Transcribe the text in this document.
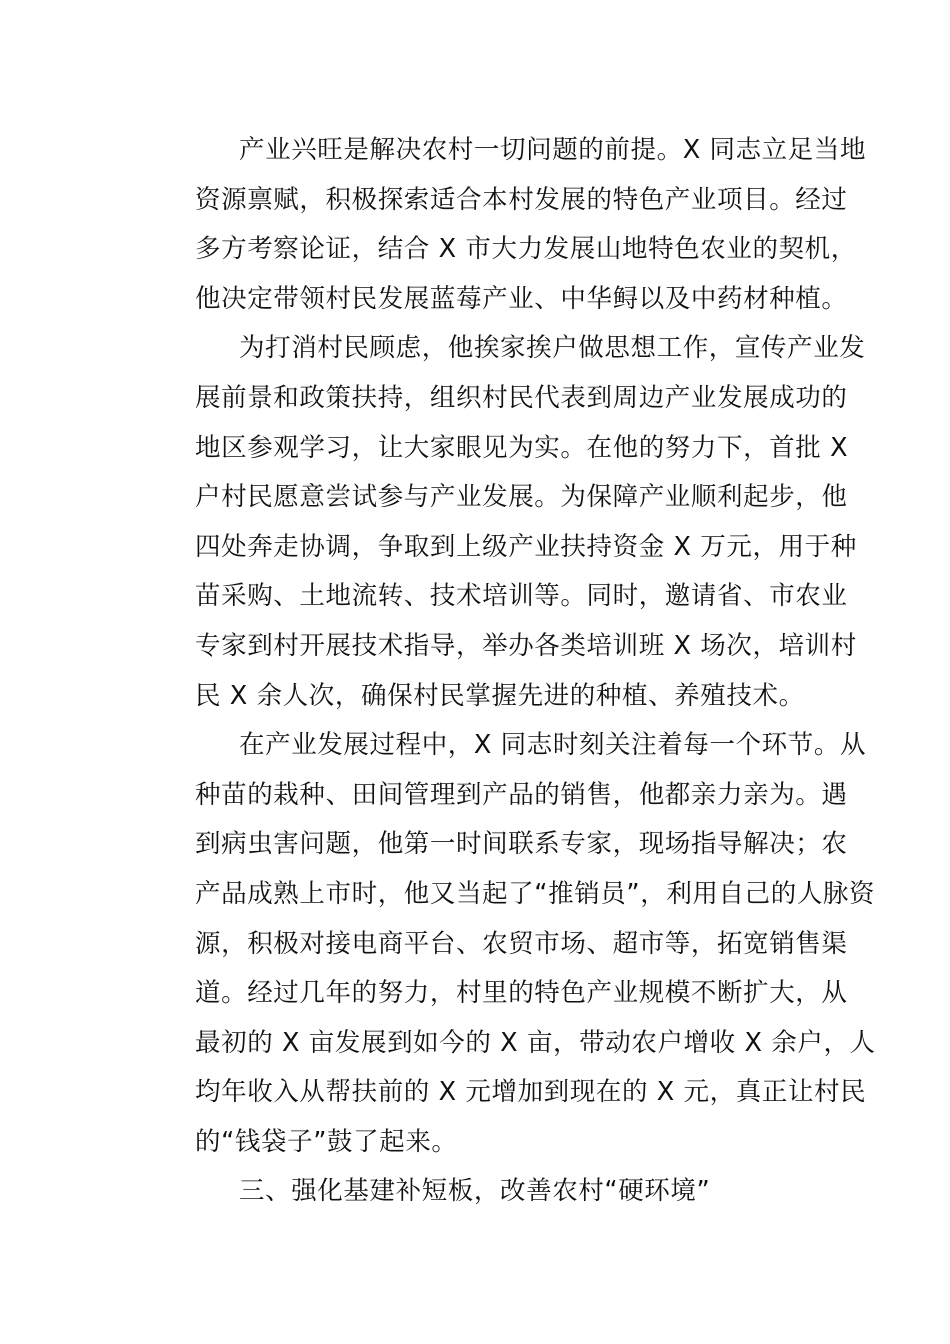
产业兴旺是解决农村一切问题的前提。X 同志立足当地
资源禀赋，积极探索适合本村发展的特色产业项目。经过
多方考察论证，结合 X 市大力发展山地特色农业的契机，
他决定带领村民发展蓝莓产业、中华鲟以及中药材种植。
为打消村民顾虑，他挨家挨户做思想工作，宣传产业发
展前景和政策扶持，组织村民代表到周边产业发展成功的
地区参观学习，让大家眼见为实。在他的努力下，首批 X
户村民愿意尝试参与产业发展。为保障产业顺利起步，他
四处奔走协调，争取到上级产业扶持资金 X 万元，用于种
苗采购、土地流转、技术培训等。同时，邀请省、市农业
专家到村开展技术指导，举办各类培训班 X 场次，培训村
民 X 余人次，确保村民掌握先进的种植、养殖技术。
在产业发展过程中，X 同志时刻关注着每一个环节。从
种苗的栽种、田间管理到产品的销售，他都亲力亲为。遇
到病虫害问题，他第一时间联系专家，现场指导解决；农
产品成熟上市时，他又当起了“推销员”，利用自己的人脉资
源，积极对接电商平台、农贸市场、超市等，拓宽销售渠
道。经过几年的努力，村里的特色产业规模不断扩大，从
最初的 X 亩发展到如今的 X 亩，带动农户增收 X 余户，人
均年收入从帮扶前的 X 元增加到现在的 X 元，真正让村民
的“钱袋子”鼓了起来。
三、强化基建补短板，改善农村“硬环境”
